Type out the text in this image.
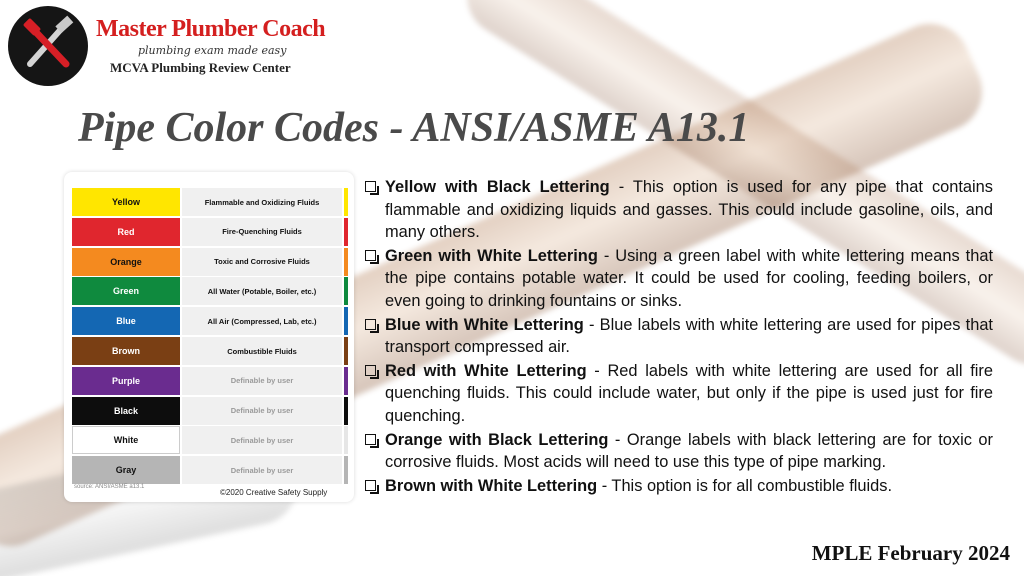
Master Plumber Coach
plumbing exam made easy
MCVA Plumbing Review Center
Pipe Color Codes - ANSI/ASME A13.1
Yellow	Flammable and Oxidizing Fluids
Red	Fire-Quenching Fluids
Orange	Toxic and Corrosive Fluids
Green	All Water (Potable, Boiler, etc.)
Blue	All Air (Compressed, Lab, etc.)
Brown	Combustible Fluids
Purple	Definable by user
Black	Definable by user
White	Definable by user
Gray	Definable by user
source: ANSI/ASME a13.1
©2020 Creative Safety Supply
Yellow with Black Lettering - This option is used for any pipe that contains flammable and oxidizing liquids and gasses. This could include gasoline, oils, and many others.
Green with White Lettering - Using a green label with white lettering means that the pipe contains potable water. It could be used for cooling, feeding boilers, or even going to drinking fountains or sinks.
Blue with White Lettering - Blue labels with white lettering are used for pipes that transport compressed air.
Red with White Lettering - Red labels with white lettering are used for all fire quenching fluids. This could include water, but only if the pipe is used just for fire quenching.
Orange with Black Lettering - Orange labels with black lettering are for toxic or corrosive fluids. Most acids will need to use this type of pipe marking.
Brown with White Lettering - This option is for all combustible fluids.
MPLE February 2024
